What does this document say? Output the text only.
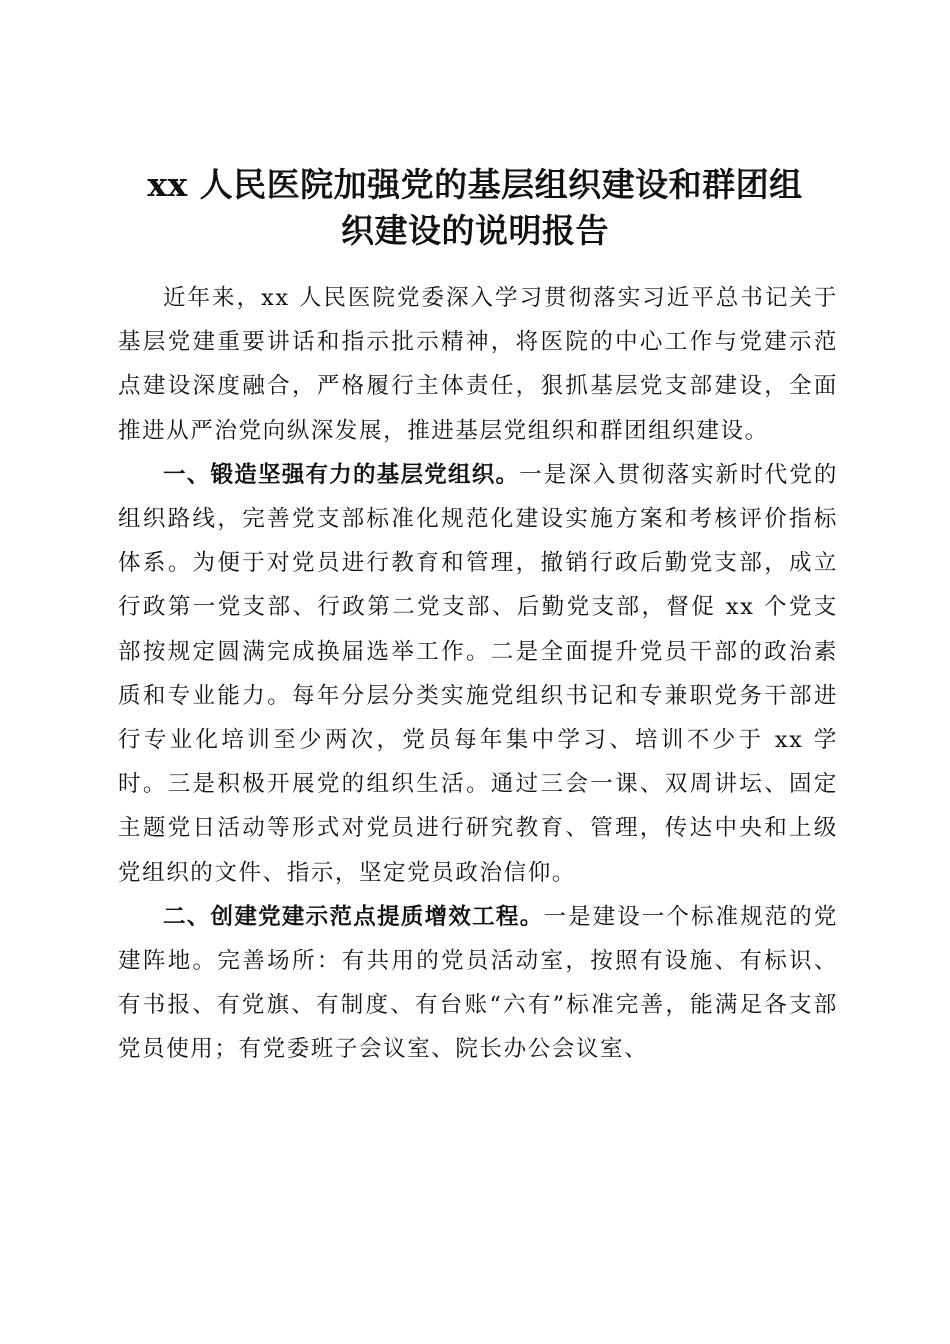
xx 人民医院加强党的基层组织建设和群团组
织建设的说明报告

近年来，xx 人民医院党委深入学习贯彻落实习近平总书记关于基层党建重要讲话和指示批示精神，将医院的中心工作与党建示范点建设深度融合，严格履行主体责任，狠抓基层党支部建设，全面推进从严治党向纵深发展，推进基层党组织和群团组织建设。

一、锻造坚强有力的基层党组织。一是深入贯彻落实新时代党的组织路线，完善党支部标准化规范化建设实施方案和考核评价指标体系。为便于对党员进行教育和管理，撤销行政后勤党支部，成立行政第一党支部、行政第二党支部、后勤党支部，督促 xx 个党支部按规定圆满完成换届选举工作。二是全面提升党员干部的政治素质和专业能力。每年分层分类实施党组织书记和专兼职党务干部进行专业化培训至少两次，党员每年集中学习、培训不少于 xx 学时。三是积极开展党的组织生活。通过三会一课、双周讲坛、固定主题党日活动等形式对党员进行研究教育、管理，传达中央和上级党组织的文件、指示，坚定党员政治信仰。

二、创建党建示范点提质增效工程。一是建设一个标准规范的党建阵地。完善场所：有共用的党员活动室，按照有设施、有标识、有书报、有党旗、有制度、有台账“六有”标准完善，能满足各支部党员使用；有党委班子会议室、院长办公会议室、
